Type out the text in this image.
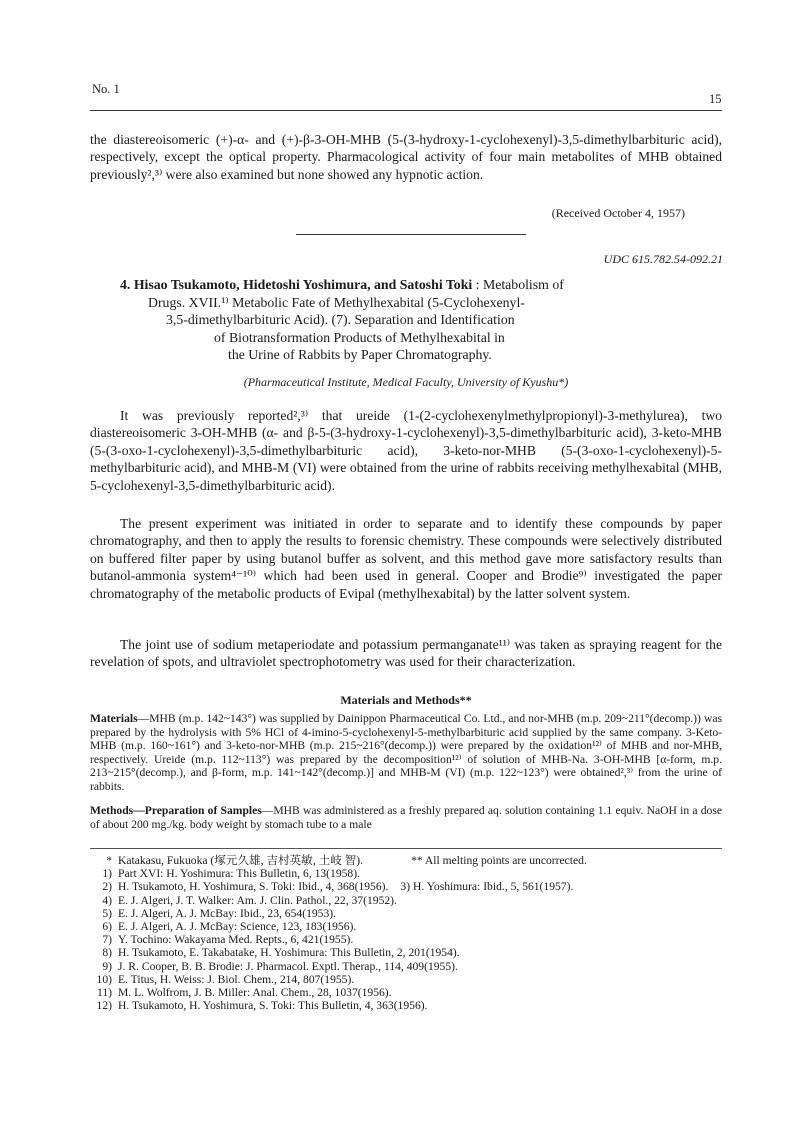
No. 1
15
the diastereoisomeric (+)-α- and (+)-β-3-OH-MHB (5-(3-hydroxy-1-cyclohexenyl)-3,5-dimethylbarbituric acid), respectively, except the optical property. Pharmacological activity of four main metabolites of MHB obtained previously²,³⁾ were also examined but none showed any hypnotic action.
(Received October 4, 1957)
UDC 615.782.54-092.21
4. Hisao Tsukamoto, Hidetoshi Yoshimura, and Satoshi Toki : Metabolism of
Drugs. XVII.¹⁾ Metabolic Fate of Methylhexabital (5-Cyclohexenyl-
3,5-dimethylbarbituric Acid). (7). Separation and Identification
of Biotransformation Products of Methylhexabital in
the Urine of Rabbits by Paper Chromatography.
(Pharmaceutical Institute, Medical Faculty, University of Kyushu*)
It was previously reported²,³⁾ that ureide (1-(2-cyclohexenylmethylpropionyl)-3-methylurea), two diastereoisomeric 3-OH-MHB (α- and β-5-(3-hydroxy-1-cyclohexenyl)-3,5-dimethylbarbituric acid), 3-keto-MHB (5-(3-oxo-1-cyclohexenyl)-3,5-dimethylbarbituric acid), 3-keto-nor-MHB (5-(3-oxo-1-cyclohexenyl)-5-methylbarbituric acid), and MHB-M (VI) were obtained from the urine of rabbits receiving methylhexabital (MHB, 5-cyclohexenyl-3,5-dimethylbarbituric acid).
The present experiment was initiated in order to separate and to identify these compounds by paper chromatography, and then to apply the results to forensic chemistry. These compounds were selectively distributed on buffered filter paper by using butanol buffer as solvent, and this method gave more satisfactory results than butanol-ammonia system⁴⁻¹⁰⁾ which had been used in general. Cooper and Brodie⁹⁾ investigated the paper chromatography of the metabolic products of Evipal (methylhexabital) by the latter solvent system.
The joint use of sodium metaperiodate and potassium permanganate¹¹⁾ was taken as spraying reagent for the revelation of spots, and ultraviolet spectrophotometry was used for their characterization.
Materials and Methods**
Materials—MHB (m.p. 142~143°) was supplied by Dainippon Pharmaceutical Co. Ltd., and nor-MHB (m.p. 209~211°(decomp.)) was prepared by the hydrolysis with 5% HCl of 4-imino-5-cyclohexenyl-5-methylbarbituric acid supplied by the same company. 3-Keto-MHB (m.p. 160~161°) and 3-keto-nor-MHB (m.p. 215~216°(decomp.)) were prepared by the oxidation¹²⁾ of MHB and nor-MHB, respectively. Ureide (m.p. 112~113°) was prepared by the decomposition¹²⁾ of solution of MHB-Na. 3-OH-MHB [α-form, m.p. 213~215°(decomp.), and β-form, m.p. 141~142°(decomp.)] and MHB-M (VI) (m.p. 122~123°) were obtained²,³⁾ from the urine of rabbits.
Methods—Preparation of Samples—MHB was administered as a freshly prepared aq. solution containing 1.1 equiv. NaOH in a dose of about 200 mg./kg. body weight by stomach tube to a male
* Katakasu, Fukuoka (塚元久雄, 吉村英敏, 土岐 智).	** All melting points are uncorrected.
1) Part XVI: H. Yoshimura: This Bulletin, 6, 13(1958).
2) H. Tsukamoto, H. Yoshimura, S. Toki: Ibid., 4, 368(1956). 3) H. Yoshimura: Ibid., 5, 561(1957).
4) E. J. Algeri, J. T. Walker: Am. J. Clin. Pathol., 22, 37(1952).
5) E. J. Algeri, A. J. McBay: Ibid., 23, 654(1953).
6) E. J. Algeri, A. J. McBay: Science, 123, 183(1956).
7) Y. Tochino: Wakayama Med. Repts., 6, 421(1955).
8) H. Tsukamoto, E. Takabatake, H. Yoshimura: This Bulletin, 2, 201(1954).
9) J. R. Cooper, B. B. Brodie: J. Pharmacol. Exptl. Therap., 114, 409(1955).
10) E. Titus, H. Weiss: J. Biol. Chem., 214, 807(1955).
11) M. L. Wolfrom, J. B. Miller: Anal. Chem., 28, 1037(1956).
12) H. Tsukamoto, H. Yoshimura, S. Toki: This Bulletin, 4, 363(1956).
